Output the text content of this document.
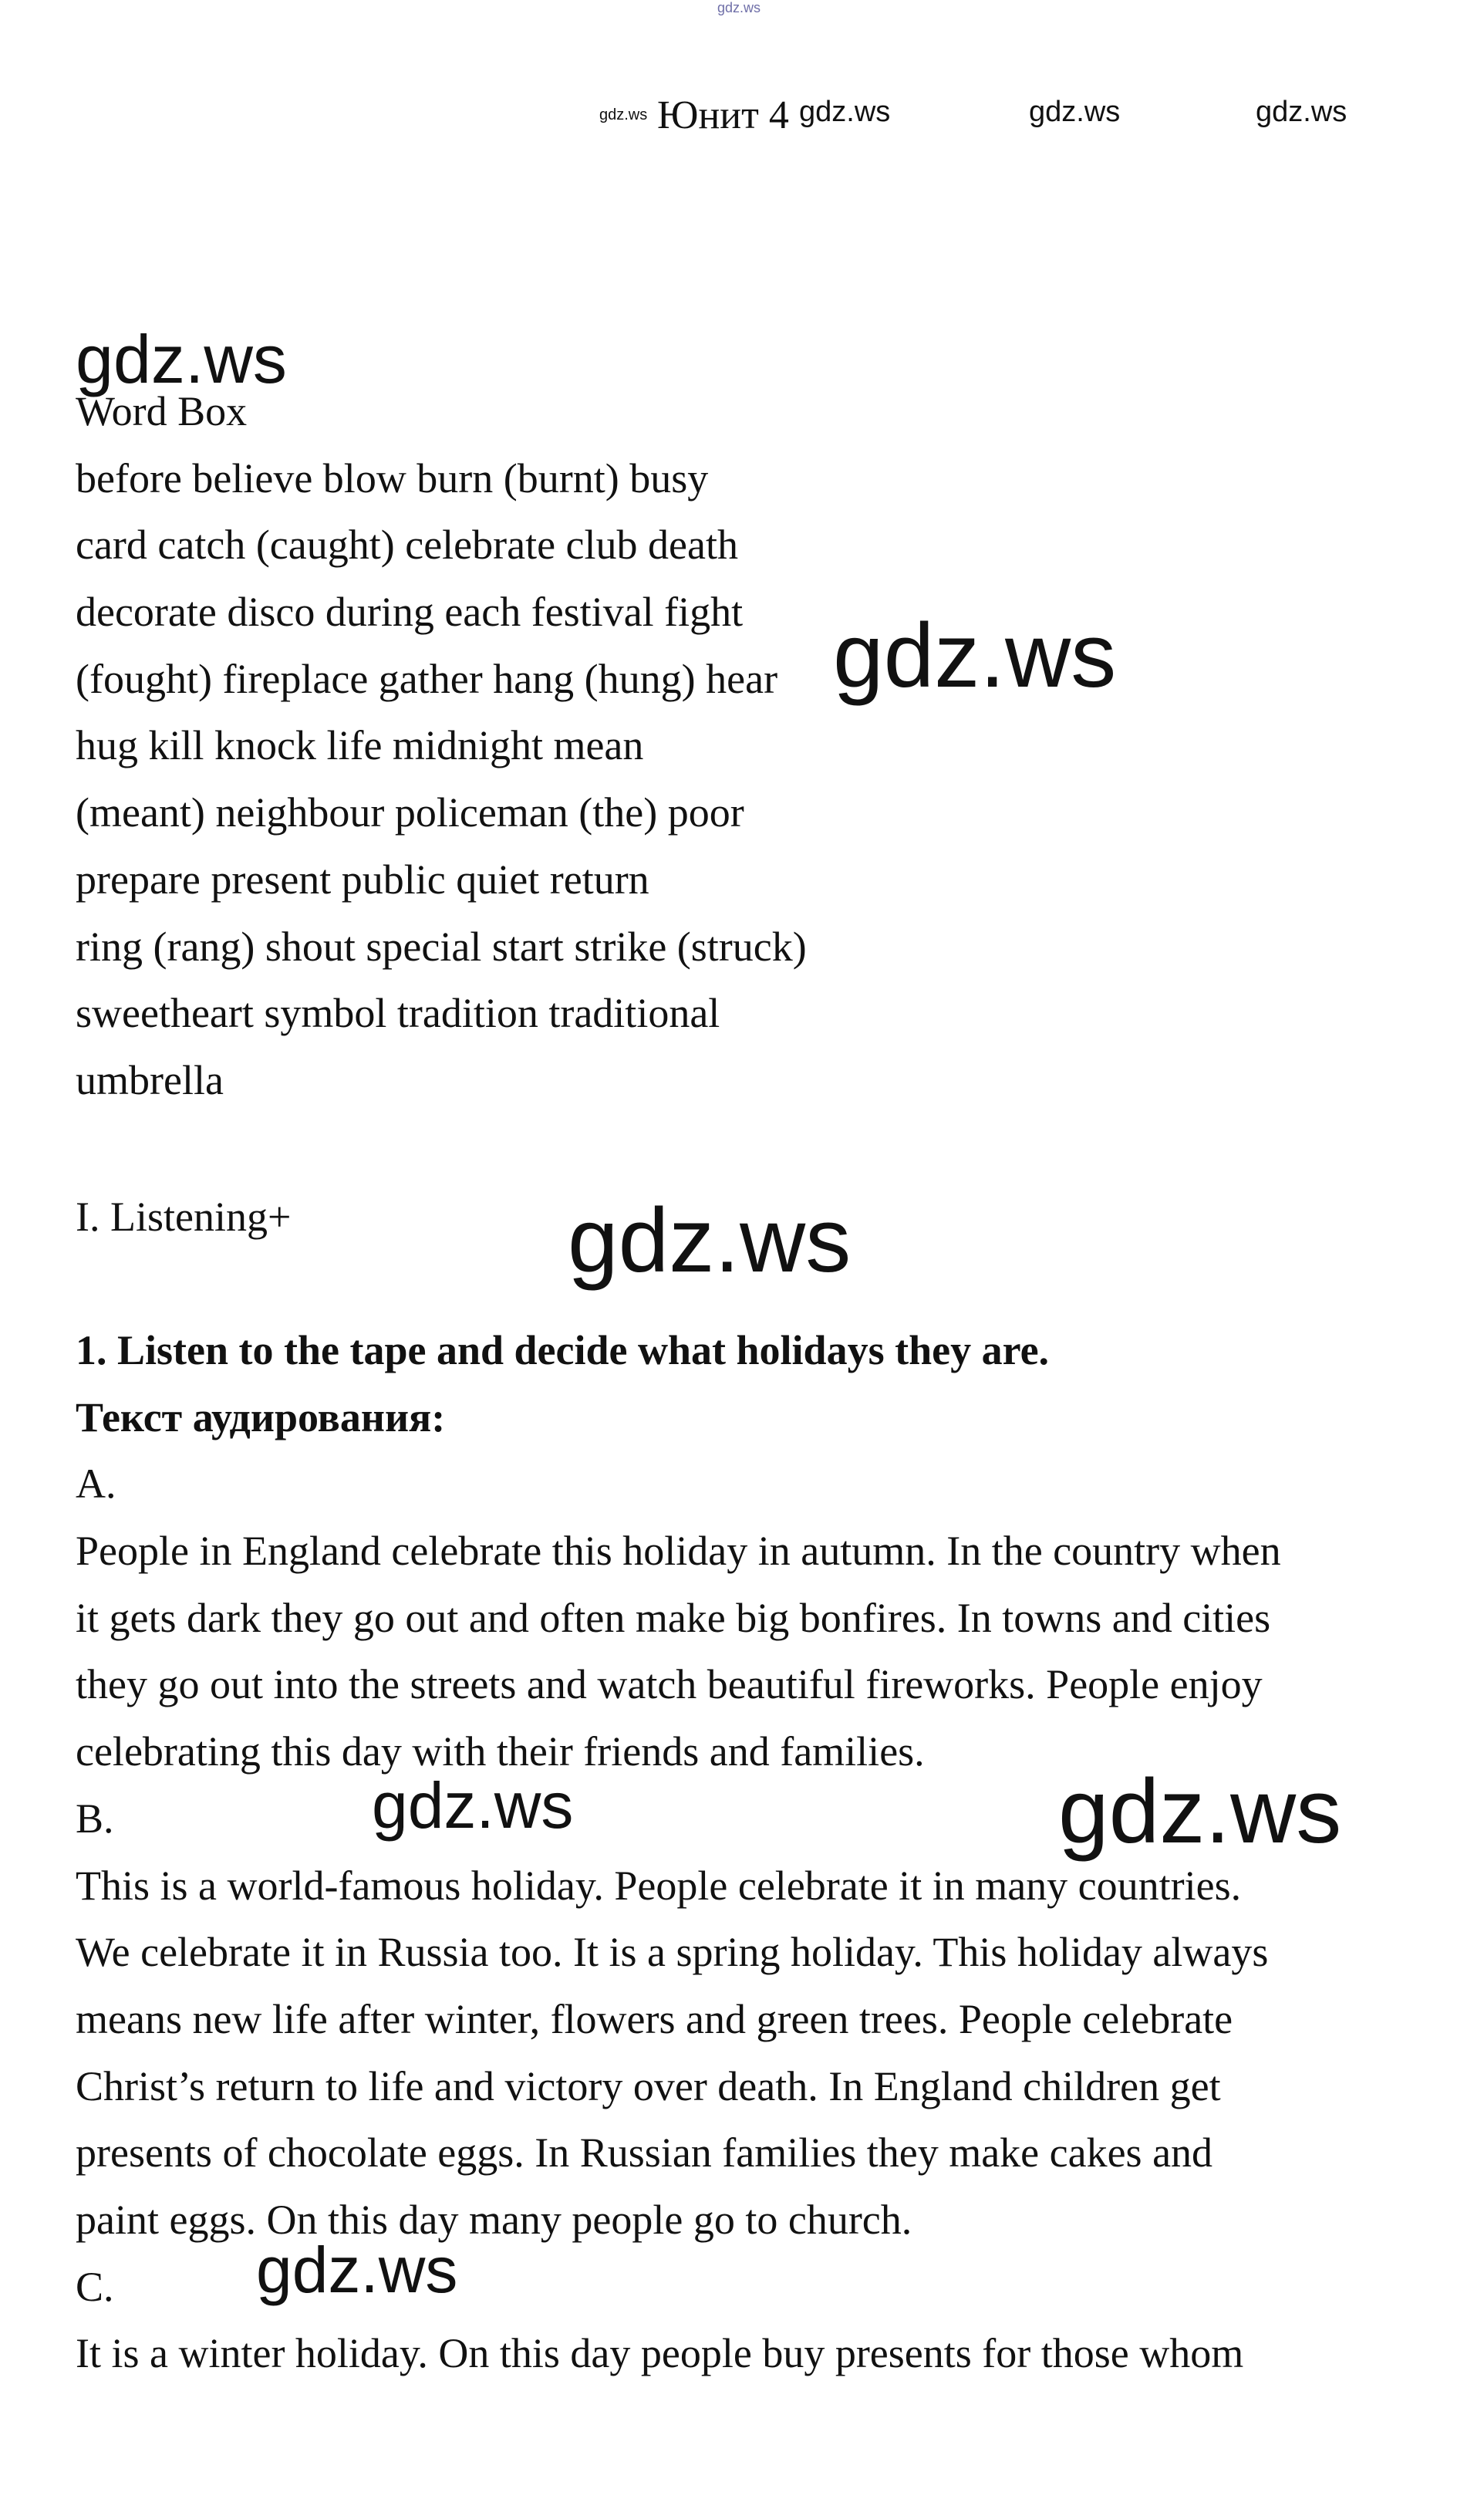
gdz.ws
gdz.ws Юнит 4 gdz.ws	gdz.ws	gdz.ws
Word Box
before believe blow burn (burnt) busy
card catch (caught) celebrate club death
decorate disco during each festival fight
(fought) fireplace gather hang (hung) hear
hug kill knock life midnight mean
(meant) neighbour policeman (the) poor
prepare present public quiet return
ring (rang) shout special start strike (struck)
sweetheart symbol tradition traditional
umbrella
I. Listening+
1. Listen to the tape and decide what holidays they are.
Текст аудирования:
A.
People in England celebrate this holiday in autumn. In the country when
it gets dark they go out and often make big bonfires. In towns and cities
they go out into the streets and watch beautiful fireworks. People enjoy
celebrating this day with their friends and families.
B.
This is a world-famous holiday. People celebrate it in many countries.
We celebrate it in Russia too. It is a spring holiday. This holiday always
means new life after winter, flowers and green trees. People celebrate
Christ’s return to life and victory over death. In England children get
presents of chocolate eggs. In Russian families they make cakes and
paint eggs. On this day many people go to church.
C.
It is a winter holiday. On this day people buy presents for those whom
gdz.ws
gdz.ws
gdz.ws
gdz.ws	gdz.ws
gdz.ws
